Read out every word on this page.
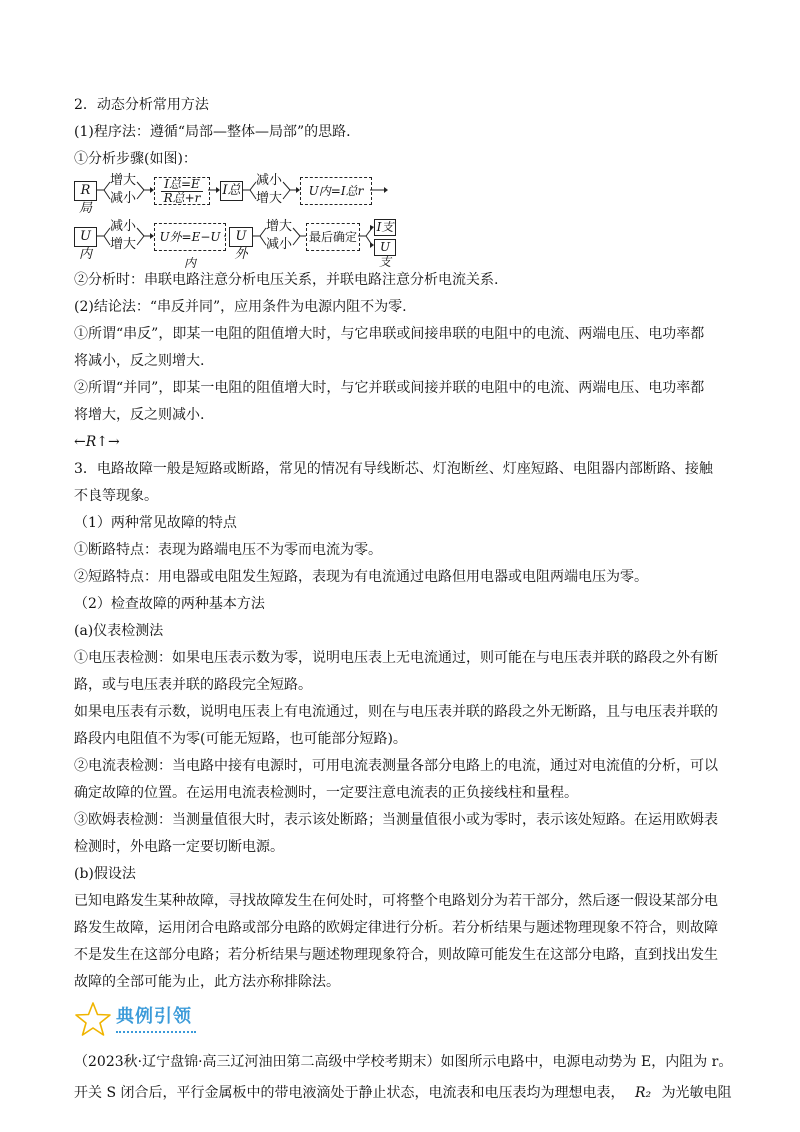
2．动态分析常用方法
(1)程序法：遵循“局部—整体—局部”的思路.
①分析步骤(如图)：
R局
增大
减小
I总=E
R总+r I总
减小
增大	U内=I总r
U内
减小
增大	U外=E−U内
U外
增大
减小 最后确定
I支
U支
②分析时：串联电路注意分析电压关系，并联电路注意分析电流关系.
(2)结论法：“串反并同”，应用条件为电源内阻不为零.
①所谓“串反”，即某一电阻的阻值增大时，与它串联或间接串联的电阻中的电流、两端电压、电功率都
将减小，反之则增大.
②所谓“并同”，即某一电阻的阻值增大时，与它并联或间接并联的电阻中的电流、两端电压、电功率都
将增大，反之则减小.
←R↑→
3．电路故障一般是短路或断路，常见的情况有导线断芯、灯泡断丝、灯座短路、电阻器内部断路、接触
不良等现象。
（1）两种常见故障的特点
①断路特点：表现为路端电压不为零而电流为零。
②短路特点：用电器或电阻发生短路，表现为有电流通过电路但用电器或电阻两端电压为零。
（2）检查故障的两种基本方法
(a)仪表检测法
①电压表检测：如果电压表示数为零，说明电压表上无电流通过，则可能在与电压表并联的路段之外有断
路，或与电压表并联的路段完全短路。
如果电压表有示数，说明电压表上有电流通过，则在与电压表并联的路段之外无断路，且与电压表并联的
路段内电阻值不为零(可能无短路，也可能部分短路)。
②电流表检测：当电路中接有电源时，可用电流表测量各部分电路上的电流，通过对电流值的分析，可以
确定故障的位置。在运用电流表检测时，一定要注意电流表的正负接线柱和量程。
③欧姆表检测：当测量值很大时，表示该处断路；当测量值很小或为零时，表示该处短路。在运用欧姆表
检测时，外电路一定要切断电源。
(b)假设法
已知电路发生某种故障，寻找故障发生在何处时，可将整个电路划分为若干部分，然后逐一假设某部分电
路发生故障，运用闭合电路或部分电路的欧姆定律进行分析。若分析结果与题述物理现象不符合，则故障
不是发生在这部分电路；若分析结果与题述物理现象符合，则故障可能发生在这部分电路，直到找出发生
故障的全部可能为止，此方法亦称排除法。
典例引领
（2023秋·辽宁盘锦·高三辽河油田第二高级中学校考期末）如图所示电路中，电源电动势为 E，内阻为 r。
开关 S 闭合后，平行金属板中的带电液滴处于静止状态，电流表和电压表均为理想电表， R₂ 为光敏电阻
